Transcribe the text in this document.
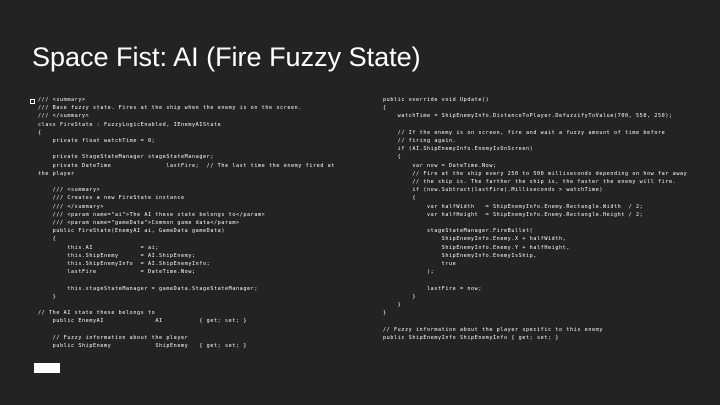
Space Fist: AI (Fire Fuzzy State)
/// <summary>
/// Base fuzzy state. Fires at the ship when the enemy is on the screen.
/// </summary>
class FireState : FuzzyLogicEnabled, IEnemyAIState
{
private float watchTime = 0;

private StageStateManager stageStateManager;
private DateTime               lastFire;  // The last time the enemy fired at
the player

/// <summary>
/// Creates a new FireState instance
/// </summary>
/// <param name="ai">The AI these state belongs to</param>
/// <param name="gameData">Common game data</param>
public FireState(EnemyAI ai, GameData gameData)
{
this.AI             = ai;
this.ShipEnemy      = AI.ShipEnemy;
this.ShipEnemyInfo  = AI.ShipEnemyInfo;
lastFire            = DateTime.Now;

this.stageStateManager = gameData.StageStateManager;
}

// The AI state these belongs to
public EnemyAI              AI          { get; set; }

// Fuzzy information about the player
public ShipEnemy            ShipEnemy   { get; set; }
public override void Update()
{
watchTime = ShipEnemyInfo.DistanceToPlayer.DefuzzifyToValue(700, 550, 250);

// If the enemy is on screen, fire and wait a fuzzy amount of time before
// firing again.
if (AI.ShipEnemyInfo.EnemyIsOnScreen)
{
var now = DateTime.Now;
// Fire at the ship every 250 to 500 milliseconds depending on how far away
// the ship is. The farther the ship is, the faster the enemy will fire.
if (now.Subtract(lastFire).Milliseconds > watchTime)
{
var halfWidth   = ShipEnemyInfo.Enemy.Rectangle.Width  / 2;
var halfHeight  = ShipEnemyInfo.Enemy.Rectangle.Height / 2;

stageStateManager.FireBullet(
ShipEnemyInfo.Enemy.X + halfWidth,
ShipEnemyInfo.Enemy.Y + halfHeight,
ShipEnemyInfo.EnemyIsShip,
true
);

lastFire = now;
}
}
}

// Fuzzy information about the player specific to this enemy
public ShipEnemyInfo ShipEnemyInfo { get; set; }
